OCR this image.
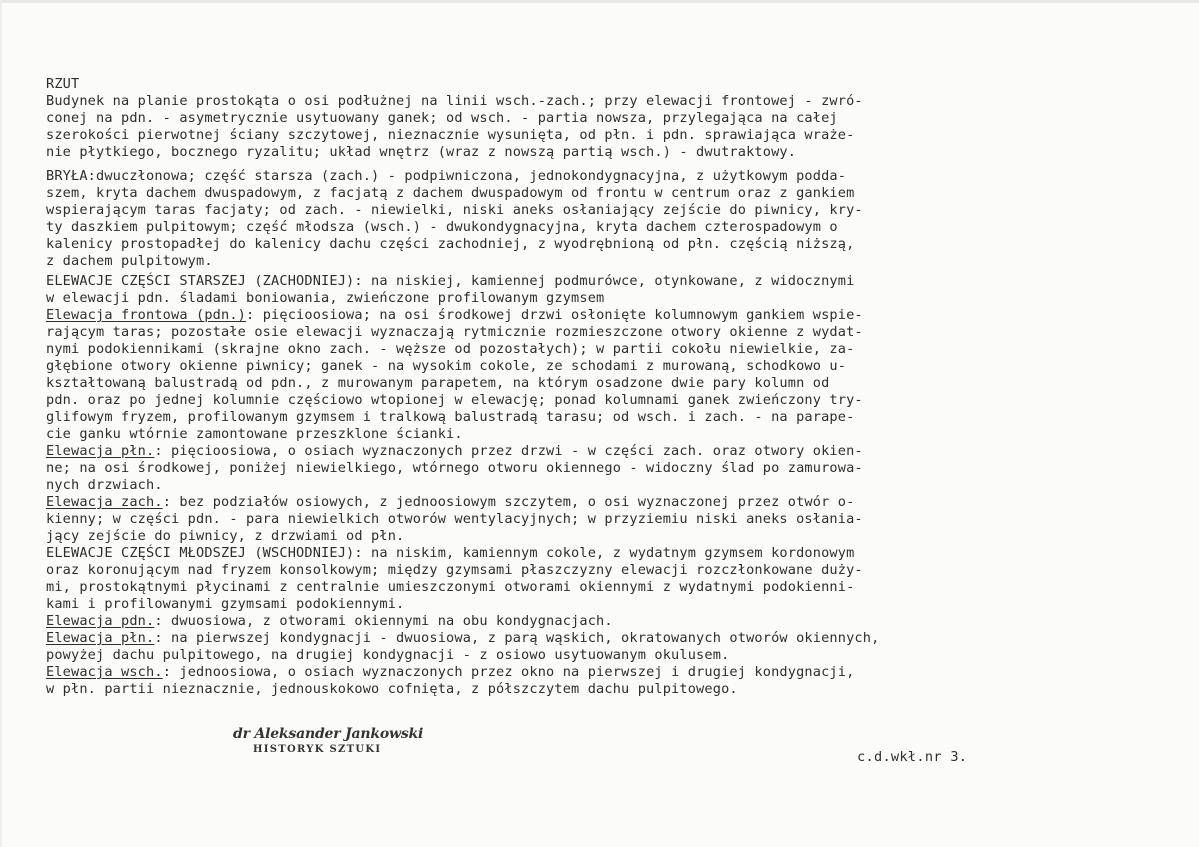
RZUT
Budynek na planie prostokąta o osi podłużnej na linii wsch.-zach.; przy elewacji frontowej - zwró-
conej na pdn. - asymetrycznie usytuowany ganek; od wsch. - partia nowsza, przylegająca na całej
szerokości pierwotnej ściany szczytowej, nieznacznie wysunięta, od płn. i pdn. sprawiająca wraże-
nie płytkiego, bocznego ryzalitu; układ wnętrz (wraz z nowszą partią wsch.) - dwutraktowy.
BRYŁA:dwuczłonowa; część starsza (zach.) - podpiwniczona, jednokondygnacyjna, z użytkowym podda-
szem, kryta dachem dwuspadowym, z facjatą z dachem dwuspadowym od frontu w centrum oraz z gankiem
wspierającym taras facjaty; od zach. - niewielki, niski aneks osłaniający zejście do piwnicy, kry-
ty daszkiem pulpitowym; część młodsza (wsch.) - dwukondygnacyjna, kryta dachem czterospadowym o
kalenicy prostopadłej do kalenicy dachu części zachodniej, z wyodrębnioną od płn. częścią niższą,
z dachem pulpitowym.
ELEWACJE CZĘŚCI STARSZEJ (ZACHODNIEJ): na niskiej, kamiennej podmurówce, otynkowane, z widocznymi
w elewacji pdn. śladami boniowania, zwieńczone profilowanym gzymsem
Elewacja frontowa (pdn.): pięcioosiowa; na osi środkowej drzwi osłonięte kolumnowym gankiem wspie-
rającym taras; pozostałe osie elewacji wyznaczają rytmicznie rozmieszczone otwory okienne z wydat-
nymi podokiennikami (skrajne okno zach. - węższe od pozostałych); w partii cokołu niewielkie, za-
głębione otwory okienne piwnicy; ganek - na wysokim cokole, ze schodami z murowaną, schodkowo u-
kształtowaną balustradą od pdn., z murowanym parapetem, na którym osadzone dwie pary kolumn od
pdn. oraz po jednej kolumnie częściowo wtopionej w elewację; ponad kolumnami ganek zwieńczony try-
glifowym fryzem, profilowanym gzymsem i tralkową balustradą tarasu; od wsch. i zach. - na parape-
cie ganku wtórnie zamontowane przeszklone ścianki.
Elewacja płn.: pięcioosiowa, o osiach wyznaczonych przez drzwi - w części zach. oraz otwory okien-
ne; na osi środkowej, poniżej niewielkiego, wtórnego otworu okiennego - widoczny ślad po zamurowa-
nych drzwiach.
Elewacja zach.: bez podziałów osiowych, z jednoosiowym szczytem, o osi wyznaczonej przez otwór o-
kienny; w części pdn. - para niewielkich otworów wentylacyjnych; w przyziemiu niski aneks osłania-
jący zejście do piwnicy, z drzwiami od płn.
ELEWACJE CZĘŚCI MŁODSZEJ (WSCHODNIEJ): na niskim, kamiennym cokole, z wydatnym gzymsem kordonowym
oraz koronującym nad fryzem konsolkowym; między gzymsami płaszczyzny elewacji rozczłonkowane duży-
mi, prostokątnymi płycinami z centralnie umieszczonymi otworami okiennymi z wydatnymi podokienni-
kami i profilowanymi gzymsami podokiennymi.
Elewacja pdn.: dwuosiowa, z otworami okiennymi na obu kondygnacjach.
Elewacja płn.: na pierwszej kondygnacji - dwuosiowa, z parą wąskich, okratowanych otworów okiennych,
powyżej dachu pulpitowego, na drugiej kondygnacji - z osiowo usytuowanym okulusem.
Elewacja wsch.: jednoosiowa, o osiach wyznaczonych przez okno na pierwszej i drugiej kondygnacji,
w płn. partii nieznacznie, jednouskokowo cofnięta, z półszczytem dachu pulpitowego.
dr Aleksander Jankowski
HISTORYK SZTUKI	c.d.wkł.nr 3.
